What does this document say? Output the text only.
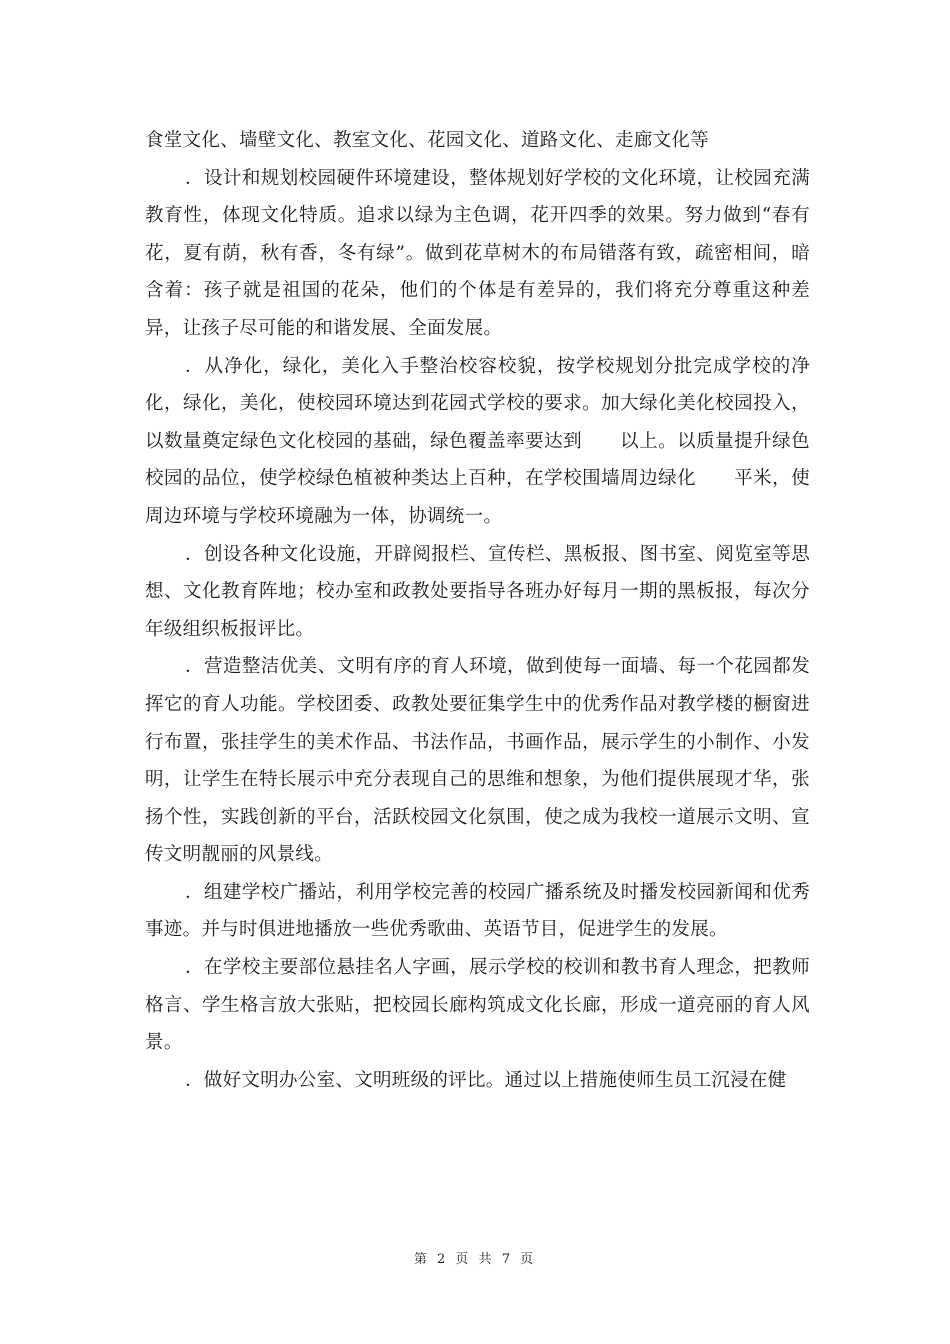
食堂文化、墙壁文化、教室文化、花园文化、道路文化、走廊文化等

．设计和规划校园硬件环境建设，整体规划好学校的文化环境，让校园充满教育性，体现文化特质。追求以绿为主色调，花开四季的效果。努力做到“春有花，夏有荫，秋有香，冬有绿”。做到花草树木的布局错落有致，疏密相间，暗含着：孩子就是祖国的花朵，他们的个体是有差异的，我们将充分尊重这种差异，让孩子尽可能的和谐发展、全面发展。

．从净化，绿化，美化入手整治校容校貌，按学校规划分批完成学校的净化，绿化，美化，使校园环境达到花园式学校的要求。加大绿化美化校园投入，以数量奠定绿色文化校园的基础，绿色覆盖率要达到　　以上。以质量提升绿色校园的品位，使学校绿色植被种类达上百种，在学校围墙周边绿化　　平米，使周边环境与学校环境融为一体，协调统一。

．创设各种文化设施，开辟阅报栏、宣传栏、黑板报、图书室、阅览室等思想、文化教育阵地；校办室和政教处要指导各班办好每月一期的黑板报，每次分年级组织板报评比。

．营造整洁优美、文明有序的育人环境，做到使每一面墙、每一个花园都发挥它的育人功能。学校团委、政教处要征集学生中的优秀作品对教学楼的橱窗进行布置，张挂学生的美术作品、书法作品，书画作品，展示学生的小制作、小发明，让学生在特长展示中充分表现自己的思维和想象，为他们提供展现才华，张扬个性，实践创新的平台，活跃校园文化氛围，使之成为我校一道展示文明、宣传文明靓丽的风景线。

．组建学校广播站，利用学校完善的校园广播系统及时播发校园新闻和优秀事迹。并与时俱进地播放一些优秀歌曲、英语节目，促进学生的发展。

．在学校主要部位悬挂名人字画，展示学校的校训和教书育人理念，把教师格言、学生格言放大张贴，把校园长廊构筑成文化长廊，形成一道亮丽的育人风景。

．做好文明办公室、文明班级的评比。通过以上措施使师生员工沉浸在健

第 2 页 共 7 页
